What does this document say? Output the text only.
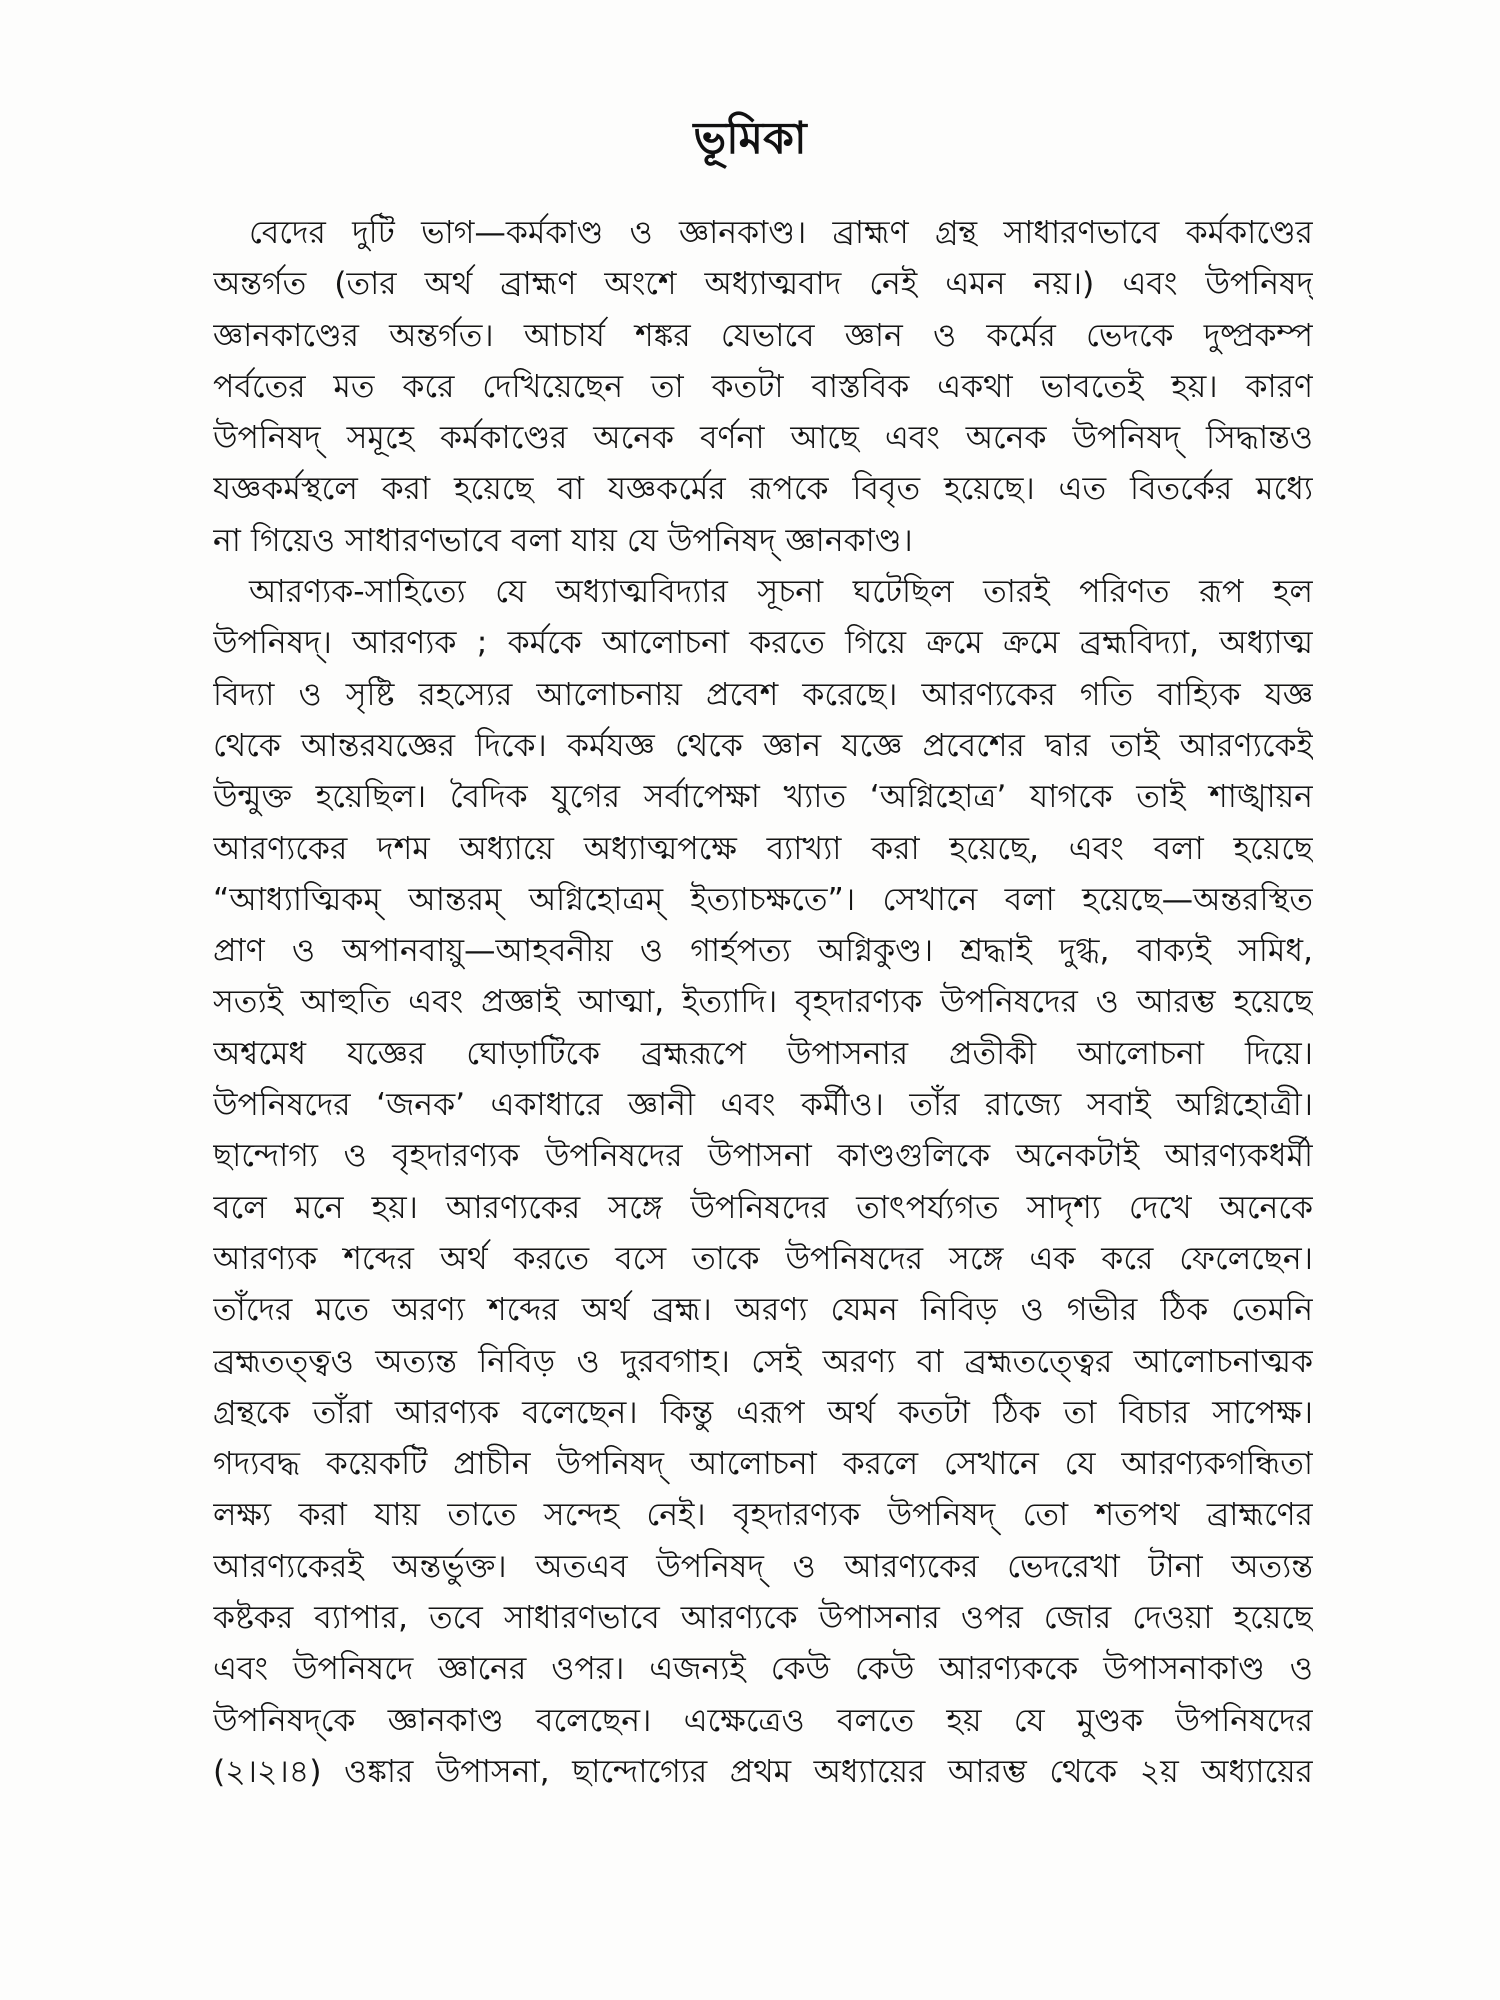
ভূমিকা
বেদের দুটি ভাগ—কর্মকাণ্ড ও জ্ঞানকাণ্ড। ব্রাহ্মণ গ্রন্থ সাধারণভাবে কর্মকাণ্ডের
অন্তর্গত (তার অর্থ ব্রাহ্মণ অংশে অধ্যাত্মবাদ নেই এমন নয়।) এবং উপনিষদ্
জ্ঞানকাণ্ডের অন্তর্গত। আচার্য শঙ্কর যেভাবে জ্ঞান ও কর্মের ভেদকে দুষ্প্রকম্প
পর্বতের মত করে দেখিয়েছেন তা কতটা বাস্তবিক একথা ভাবতেই হয়। কারণ
উপনিষদ্ সমূহে কর্মকাণ্ডের অনেক বর্ণনা আছে এবং অনেক উপনিষদ্ সিদ্ধান্তও
যজ্ঞকর্মস্থলে করা হয়েছে বা যজ্ঞকর্মের রূপকে বিবৃত হয়েছে। এত বিতর্কের মধ্যে
না গিয়েও সাধারণভাবে বলা যায় যে উপনিষদ্ জ্ঞানকাণ্ড।
আরণ্যক-সাহিত্যে যে অধ্যাত্মবিদ্যার সূচনা ঘটেছিল তারই পরিণত রূপ হল
উপনিষদ্। আরণ্যক ; কর্মকে আলোচনা করতে গিয়ে ক্রমে ক্রমে ব্রহ্মবিদ্যা, অধ্যাত্ম
বিদ্যা ও সৃষ্টি রহস্যের আলোচনায় প্রবেশ করেছে। আরণ্যকের গতি বাহ্যিক যজ্ঞ
থেকে আন্তরযজ্ঞের দিকে। কর্মযজ্ঞ থেকে জ্ঞান যজ্ঞে প্রবেশের দ্বার তাই আরণ্যকেই
উন্মুক্ত হয়েছিল। বৈদিক যুগের সর্বাপেক্ষা খ্যাত ‘অগ্নিহোত্র’ যাগকে তাই শাঙ্খায়ন
আরণ্যকের দশম অধ্যায়ে অধ্যাত্মপক্ষে ব্যাখ্যা করা হয়েছে, এবং বলা হয়েছে
“আধ্যাত্মিকম্ আন্তরম্ অগ্নিহোত্রম্ ইত্যাচক্ষতে”। সেখানে বলা হয়েছে—অন্তরস্থিত
প্রাণ ও অপানবায়ু—আহবনীয় ও গার্হপত্য অগ্নিকুণ্ড। শ্রদ্ধাই দুগ্ধ, বাক্যই সমিধ,
সত্যই আহুতি এবং প্রজ্ঞাই আত্মা, ইত্যাদি। বৃহদারণ্যক উপনিষদের ও আরম্ভ হয়েছে
অশ্বমেধ যজ্ঞের ঘোড়াটিকে ব্রহ্মরূপে উপাসনার প্রতীকী আলোচনা দিয়ে।
উপনিষদের ‘জনক’ একাধারে জ্ঞানী এবং কর্মীও। তাঁর রাজ্যে সবাই অগ্নিহোত্রী।
ছান্দোগ্য ও বৃহদারণ্যক উপনিষদের উপাসনা কাণ্ডগুলিকে অনেকটাই আরণ্যকধর্মী
বলে মনে হয়। আরণ্যকের সঙ্গে উপনিষদের তাৎপর্য্যগত সাদৃশ্য দেখে অনেকে
আরণ্যক শব্দের অর্থ করতে বসে তাকে উপনিষদের সঙ্গে এক করে ফেলেছেন।
তাঁদের মতে অরণ্য শব্দের অর্থ ব্রহ্ম। অরণ্য যেমন নিবিড় ও গভীর ঠিক তেমনি
ব্রহ্মতত্ত্বও অত্যন্ত নিবিড় ও দুরবগাহ। সেই অরণ্য বা ব্রহ্মতত্ত্বের আলোচনাত্মক
গ্রন্থকে তাঁরা আরণ্যক বলেছেন। কিন্তু এরূপ অর্থ কতটা ঠিক তা বিচার সাপেক্ষ।
গদ্যবদ্ধ কয়েকটি প্রাচীন উপনিষদ্ আলোচনা করলে সেখানে যে আরণ্যকগন্ধিতা
লক্ষ্য করা যায় তাতে সন্দেহ নেই। বৃহদারণ্যক উপনিষদ্ তো শতপথ ব্রাহ্মণের
আরণ্যকেরই অন্তর্ভুক্ত। অতএব উপনিষদ্ ও আরণ্যকের ভেদরেখা টানা অত্যন্ত
কষ্টকর ব্যাপার, তবে সাধারণভাবে আরণ্যকে উপাসনার ওপর জোর দেওয়া হয়েছে
এবং উপনিষদে জ্ঞানের ওপর। এজন্যই কেউ কেউ আরণ্যককে উপাসনাকাণ্ড ও
উপনিষদ্‌কে জ্ঞানকাণ্ড বলেছেন। এক্ষেত্রেও বলতে হয় যে মুণ্ডক উপনিষদের
(২।২।৪) ওঙ্কার উপাসনা, ছান্দোগ্যের প্রথম অধ্যায়ের আরম্ভ থেকে ২য় অধ্যায়ের
